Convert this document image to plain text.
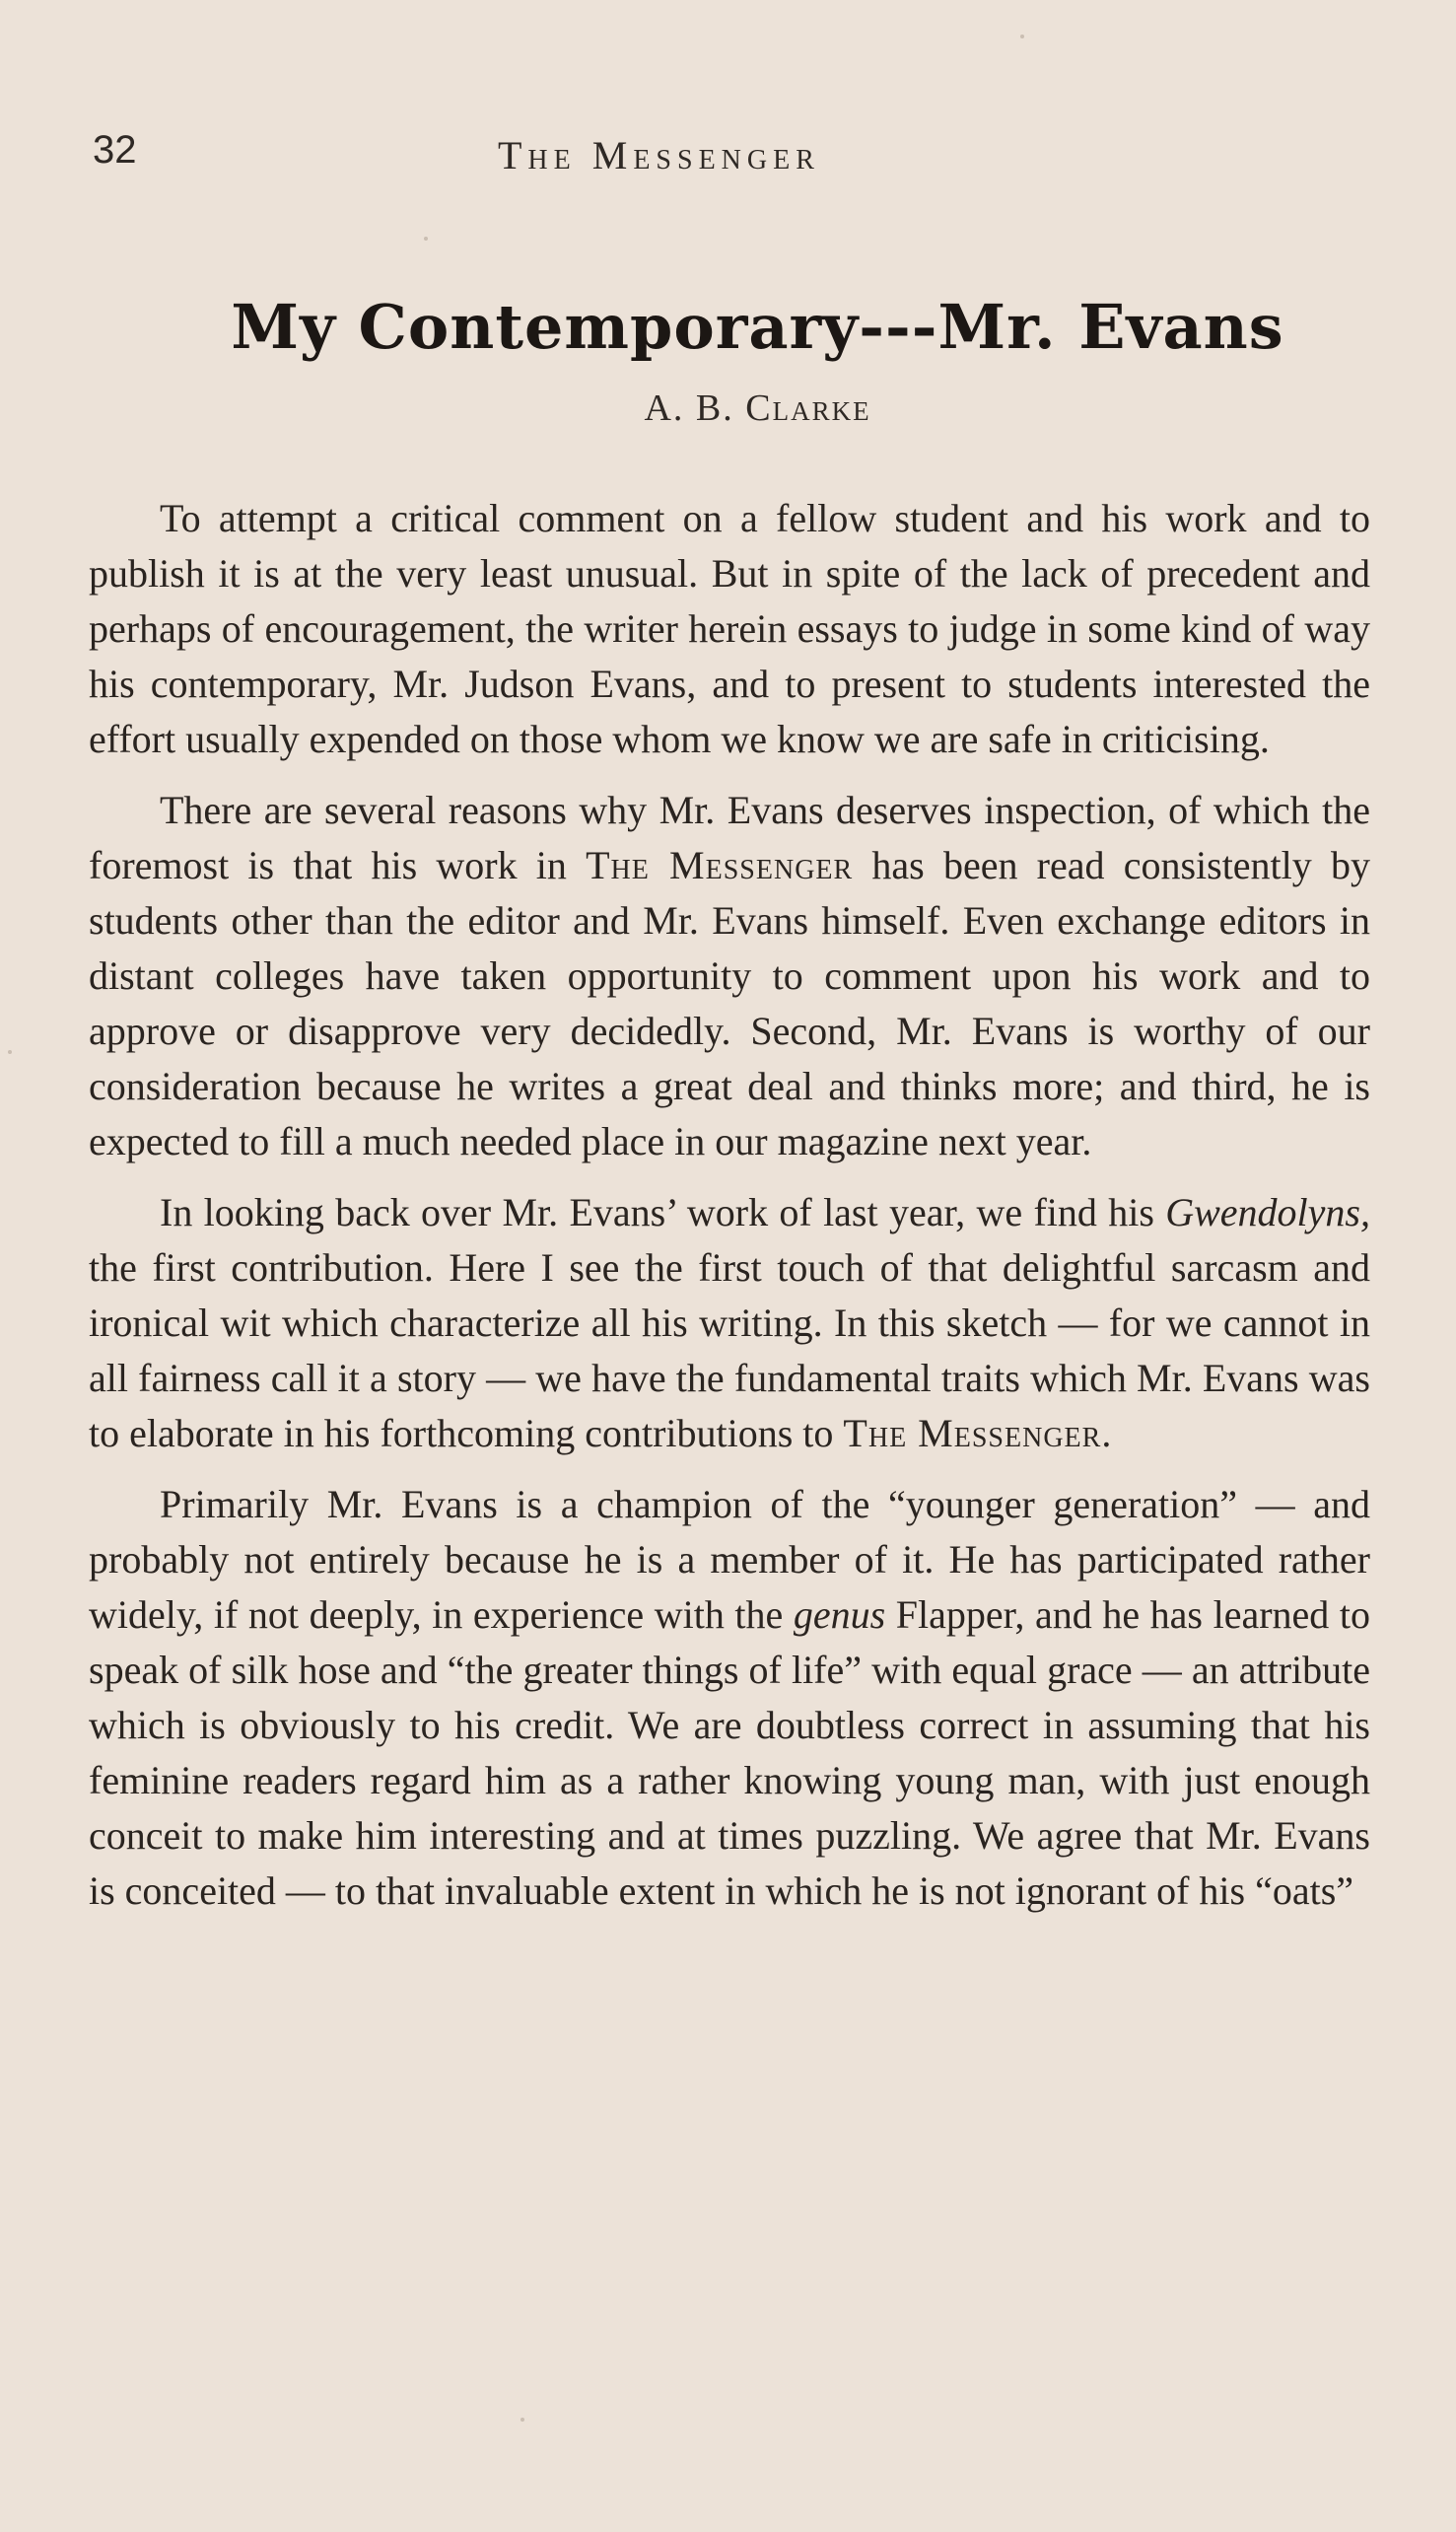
32	The Messenger
My Contemporary---Mr. Evans
A. B. Clarke

To attempt a critical comment on a fellow student and his work and to publish it is at the very least unusual. But in spite of the lack of precedent and perhaps of encouragement, the writer herein essays to judge in some kind of way his contemporary, Mr. Judson Evans, and to present to students interested the effort usually expended on those whom we know we are safe in criticising.

There are several reasons why Mr. Evans deserves inspection, of which the foremost is that his work in The Messenger has been read consistently by students other than the editor and Mr. Evans himself. Even exchange editors in distant colleges have taken opportunity to comment upon his work and to approve or disapprove very decidedly. Second, Mr. Evans is worthy of our consideration because he writes a great deal and thinks more; and third, he is expected to fill a much needed place in our magazine next year.

In looking back over Mr. Evans’ work of last year, we find his Gwendolyns, the first contribution. Here I see the first touch of that delightful sarcasm and ironical wit which characterize all his writing. In this sketch — for we cannot in all fairness call it a story — we have the fundamental traits which Mr. Evans was to elaborate in his forthcoming contributions to The Messenger.

Primarily Mr. Evans is a champion of the “younger generation” — and probably not entirely because he is a member of it. He has participated rather widely, if not deeply, in experience with the genus Flapper, and he has learned to speak of silk hose and “the greater things of life” with equal grace — an attribute which is obviously to his credit. We are doubtless correct in assuming that his feminine readers regard him as a rather knowing young man, with just enough conceit to make him interesting and at times puzzling. We agree that Mr. Evans is conceited — to that invaluable extent in which he is not ignorant of his “oats”
